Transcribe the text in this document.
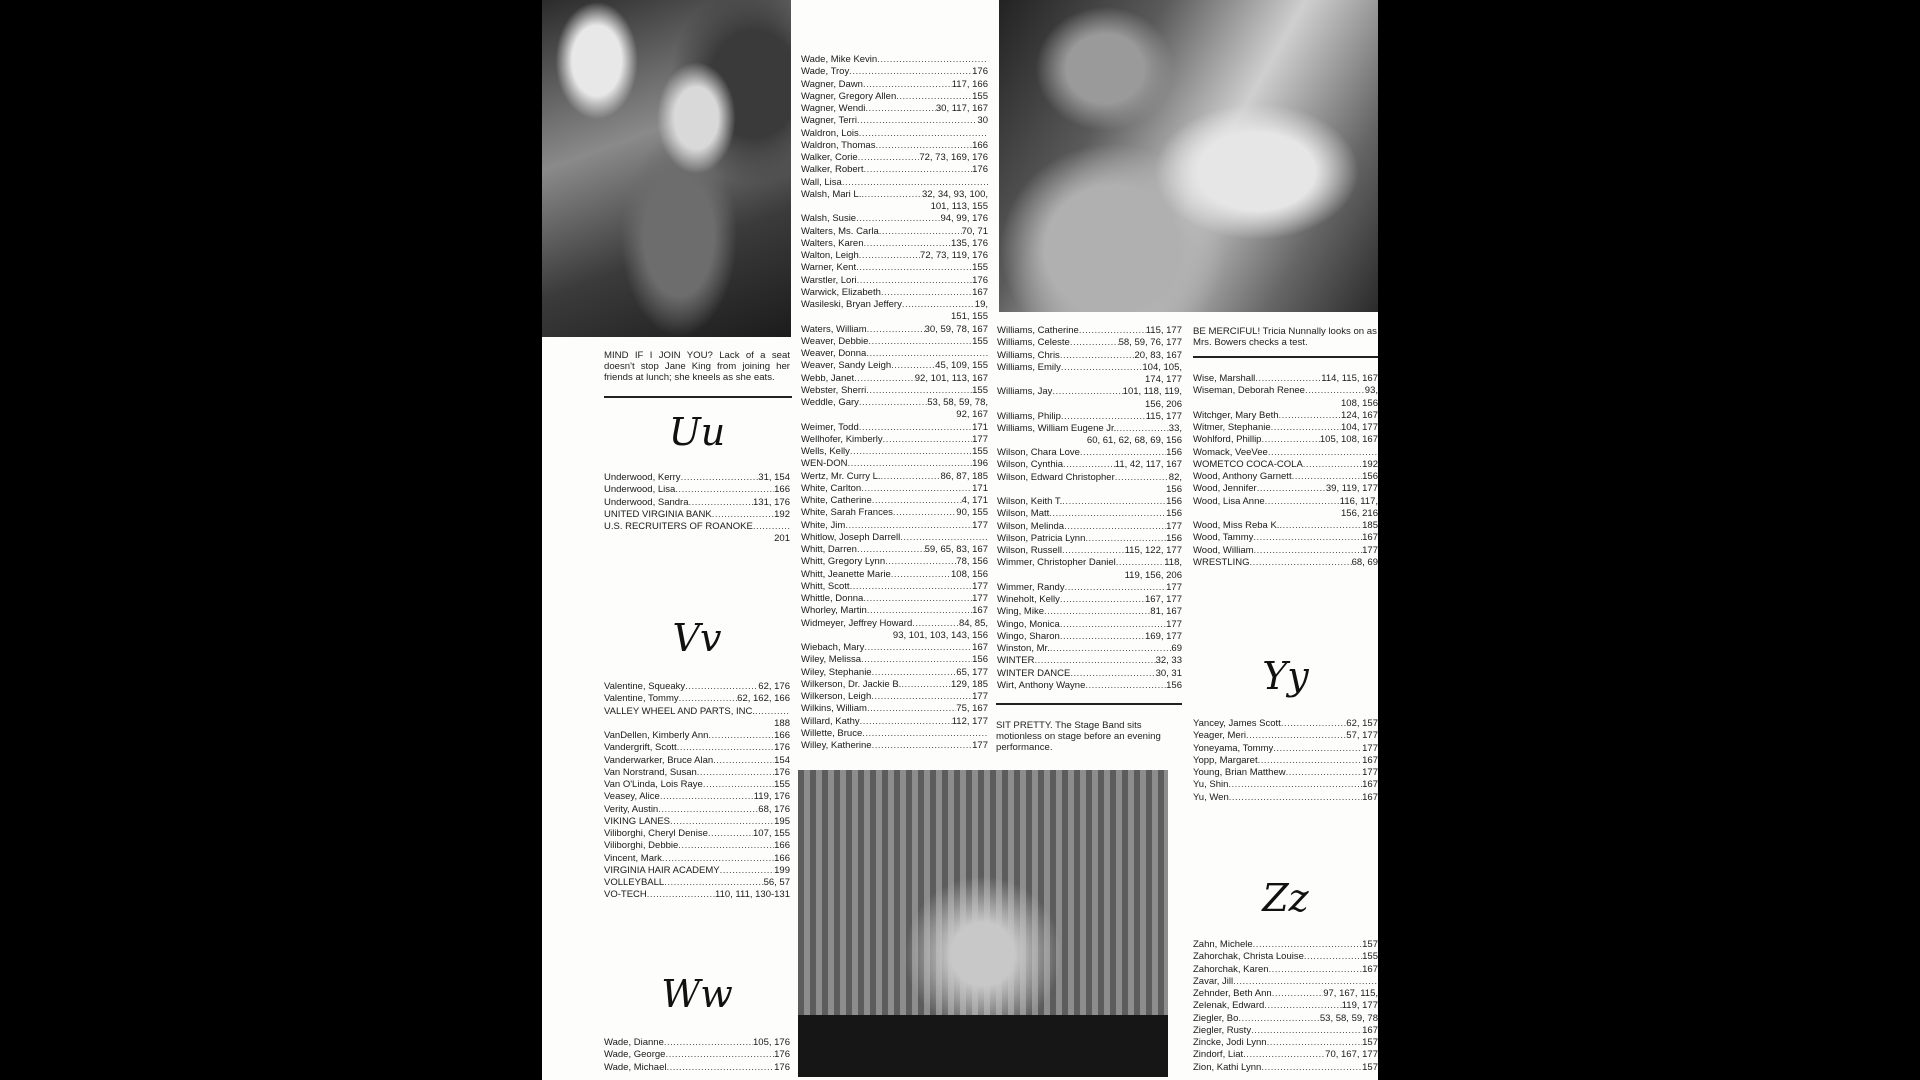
MIND IF I JOIN YOU? Lack of a seat doesn't stop Jane King from joining her friends at lunch; she kneels as she eats.
BE MERCIFUL! Tricia Nunnally looks on as Mrs. Bowers checks a test.
SIT PRETTY. The Stage Band sits motionless on stage before an evening performance.
Uu
Vv
Ww
Yy
Zz
Underwood, Kerry .....	31, 154
Underwood, Lisa .....	166
Underwood, Sandra .....	131, 176
UNITED VIRGINIA BANK .....	192
U.S. RECRUITERS OF ROANOKE
.....
201
Valentine, Squeaky .....	62, 176
Valentine, Tommy .....	62, 162, 166
VALLEY WHEEL AND PARTS, INC.
.....
188
VanDellen, Kimberly Ann .....	166
Vandergrift, Scott .....	176
Vanderwarker, Bruce Alan .....	154
Van Norstrand, Susan .....	176
Van O'Linda, Lois Raye .....	155
Veasey, Alice .....	119, 176
Verity, Austin .....	68, 176
VIKING LANES .....	195
Viliborghi, Cheryl Denise .....	107, 155
Viliborghi, Debbie .....	166
Vincent, Mark .....	166
VIRGINIA HAIR ACADEMY .....	199
VOLLEYBALL .....	56, 57
VO-TECH .....	110, 111, 130-131
Wade, Dianne .....	105, 176
Wade, George .....	176
Wade, Michael .....	176
Wade, Mike Kevin
.....
Wade, Troy .....	176
Wagner, Dawn .....	117, 166
Wagner, Gregory Allen .....	155
Wagner, Wendi .....	30, 117, 167
Wagner, Terri .....	30
Waldron, Lois
.....
Waldron, Thomas .....	166
Walker, Corie .....	72, 73, 169, 176
Walker, Robert .....	176
Wall, Lisa
.....
Walsh, Mari L. .....	32, 34, 93, 100,
101, 113, 155
Walsh, Susie .....	94, 99, 176
Walters, Ms. Carla .....	70, 71
Walters, Karen .....	135, 176
Walton, Leigh .....	72, 73, 119, 176
Warner, Kent .....	155
Warstler, Lori .....	176
Warwick, Elizabeth .....	167
Wasileski, Bryan Jeffery .....	19,
151, 155
Waters, William .....	30, 59, 78, 167
Weaver, Debbie .....	155
Weaver, Donna
.....
Weaver, Sandy Leigh .....	45, 109, 155
Webb, Janet .....	92, 101, 113, 167
Webster, Sherri .....	155
Weddle, Gary .....	53, 58, 59, 78,
92, 167
Weimer, Todd .....	171
Wellhofer, Kimberly .....	177
Wells, Kelly .....	155
WEN-DON .....	196
Wertz, Mr. Curry L. .....	86, 87, 185
White, Carlton .....	171
White, Catherine .....	4, 171
White, Sarah Frances .....	90, 155
White, Jim .....	177
Whitlow, Joseph Darrell
.....
Whitt, Darren .....	59, 65, 83, 167
Whitt, Gregory Lynn .....	78, 156
Whitt, Jeanette Marie .....	108, 156
Whitt, Scott .....	177
Whittle, Donna .....	177
Whorley, Martin .....	167
Widmeyer, Jeffrey Howard .....	84, 85,
93, 101, 103, 143, 156
Wiebach, Mary .....	167
Wiley, Melissa .....	156
Wiley, Stephanie .....	65, 177
Wilkerson, Dr. Jackie B. .....	129, 185
Wilkerson, Leigh .....	177
Wilkins, William .....	75, 167
Willard, Kathy .....	112, 177
Willette, Bruce
.....
Willey, Katherine .....	177
Williams, Catherine .....	115, 177
Williams, Celeste .....	58, 59, 76, 177
Williams, Chris .....	20, 83, 167
Williams, Emily .....	104, 105,
174, 177
Williams, Jay .....	101, 118, 119,
156, 206
Williams, Philip .....	115, 177
Williams, William Eugene Jr. .....	33,
60, 61, 62, 68, 69, 156
Wilson, Chara Love .....	156
Wilson, Cynthia .....	11, 42, 117, 167
Wilson, Edward Christopher .....	82,
156
Wilson, Keith T. .....	156
Wilson, Matt .....	156
Wilson, Melinda .....	177
Wilson, Patricia Lynn .....	156
Wilson, Russell .....	115, 122, 177
Wimmer, Christopher Daniel .....	118,
119, 156, 206
Wimmer, Randy .....	177
Wineholt, Kelly .....	167, 177
Wing, Mike .....	81, 167
Wingo, Monica .....	177
Wingo, Sharon .....	169, 177
Winston, Mr. .....	69
WINTER .....	32, 33
WINTER DANCE .....	30, 31
Wirt, Anthony Wayne .....	156
Wise, Marshall .....	114, 115, 167
Wiseman, Deborah Renee .....	93,
108, 156
Witchger, Mary Beth .....	124, 167
Witmer, Stephanie .....	104, 177
Wohlford, Phillip .....	105, 108, 167
Womack, VeeVee
.....
WOMETCO COCA-COLA .....	192
Wood, Anthony Garnett .....	156
Wood, Jennifer .....	39, 119, 177
Wood, Lisa Anne .....	116, 117,
156, 216
Wood, Miss Reba K. .....	185
Wood, Tammy .....	167
Wood, William .....	177
WRESTLING .....	68, 69
Yancey, James Scott .....	62, 157
Yeager, Meri .....	57, 177
Yoneyama, Tommy .....	177
Yopp, Margaret .....	167
Young, Brian Matthew .....	177
Yu, Shin .....	167
Yu, Wen .....	167
Zahn, Michele .....	157
Zahorchak, Christa Louise .....	155
Zahorchak, Karen .....	167
Zavar, Jill
.....
Zehnder, Beth Ann .....	97, 167, 115,
Zelenak, Edward .....	119, 177
Ziegler, Bo .....	53, 58, 59, 78
Ziegler, Rusty .....	167
Zincke, Jodi Lynn .....	157
Zindorf, Liat .....	70, 167, 177
Zion, Kathi Lynn .....	157
